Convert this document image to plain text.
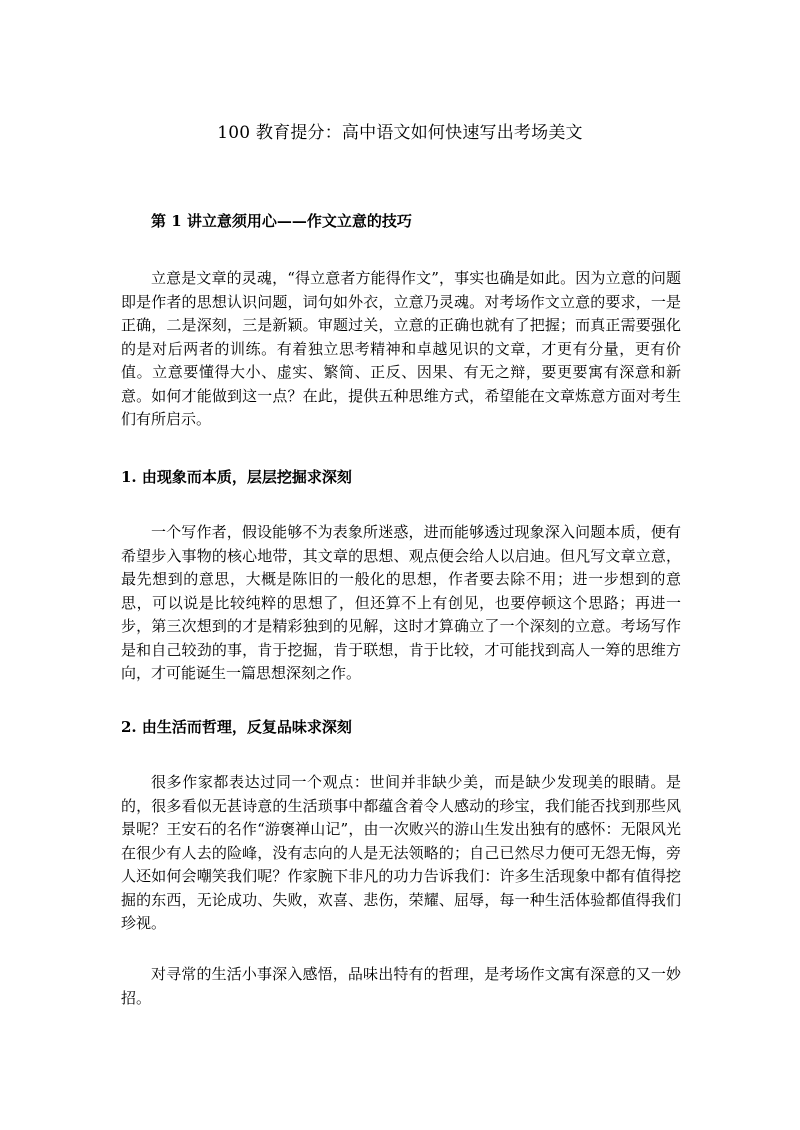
100 教育提分：高中语文如何快速写出考场美文
第 1 讲立意须用心——作文立意的技巧

立意是文章的灵魂，“得立意者方能得作文”，事实也确是如此。因为立意的问题即是作者的思想认识问题，词句如外衣，立意乃灵魂。对考场作文立意的要求，一是正确，二是深刻，三是新颖。审题过关，立意的正确也就有了把握；而真正需要强化的是对后两者的训练。有着独立思考精神和卓越见识的文章，才更有分量，更有价值。立意要懂得大小、虚实、繁简、正反、因果、有无之辩，要更要寓有深意和新意。如何才能做到这一点？在此，提供五种思维方式，希望能在文章炼意方面对考生们有所启示。

1. 由现象而本质，层层挖掘求深刻

一个写作者，假设能够不为表象所迷惑，进而能够透过现象深入问题本质，便有希望步入事物的核心地带，其文章的思想、观点便会给人以启迪。但凡写文章立意，最先想到的意思，大概是陈旧的一般化的思想，作者要去除不用；进一步想到的意思，可以说是比较纯粹的思想了，但还算不上有创见，也要停顿这个思路；再进一步，第三次想到的才是精彩独到的见解，这时才算确立了一个深刻的立意。考场写作是和自己较劲的事，肯于挖掘，肯于联想，肯于比较，才可能找到高人一筹的思维方向，才可能诞生一篇思想深刻之作。

2. 由生活而哲理，反复品味求深刻

很多作家都表达过同一个观点：世间并非缺少美，而是缺少发现美的眼睛。是的，很多看似无甚诗意的生活琐事中都蕴含着令人感动的珍宝，我们能否找到那些风景呢？王安石的名作“游褒禅山记”，由一次败兴的游山生发出独有的感怀：无限风光在很少有人去的险峰，没有志向的人是无法领略的；自己已然尽力便可无怨无悔，旁人还如何会嘲笑我们呢？作家腕下非凡的功力告诉我们：许多生活现象中都有值得挖掘的东西，无论成功、失败，欢喜、悲伤，荣耀、屈辱，每一种生活体验都值得我们珍视。

对寻常的生活小事深入感悟，品味出特有的哲理，是考场作文寓有深意的又一妙招。
